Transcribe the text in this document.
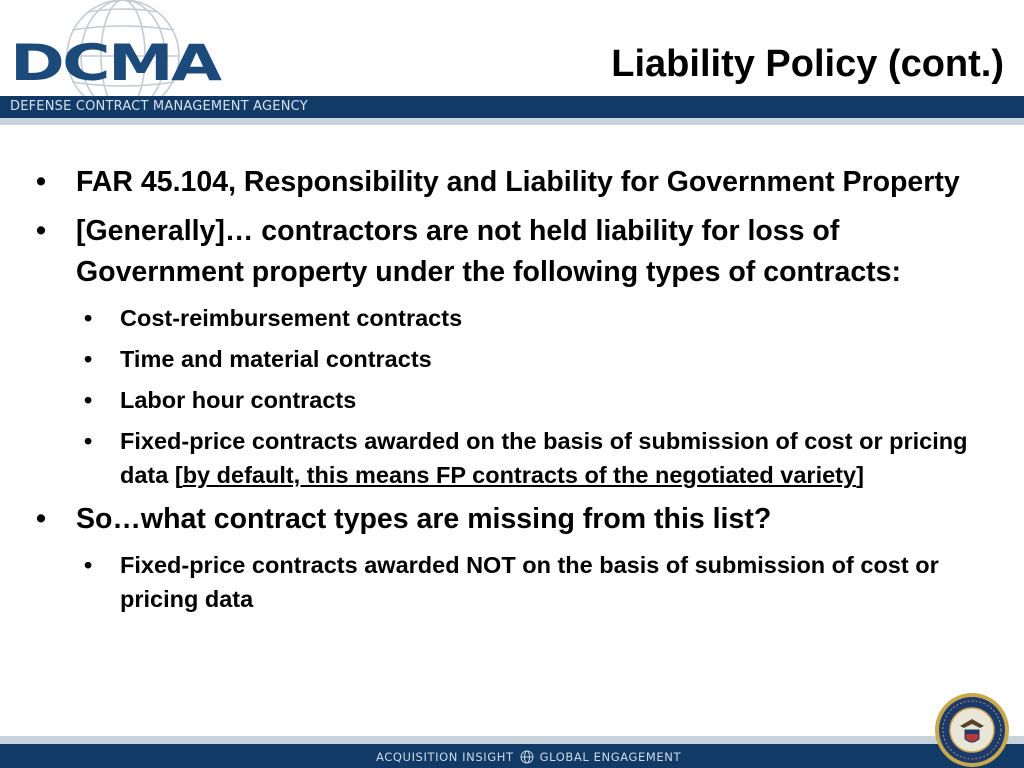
DCMA	Liability Policy (cont.)
DEFENSE CONTRACT MANAGEMENT AGENCY
• FAR 45.104, Responsibility and Liability for Government Property
• [Generally]… contractors are not held liability for loss of Government property under the following types of contracts:
• Cost-reimbursement contracts
• Time and material contracts
• Labor hour contracts
• Fixed-price contracts awarded on the basis of submission of cost or pricing data [by default, this means FP contracts of the negotiated variety]
• So…what contract types are missing from this list?
• Fixed-price contracts awarded NOT on the basis of submission of cost or pricing data
ACQUISITION INSIGHT GLOBAL ENGAGEMENT
